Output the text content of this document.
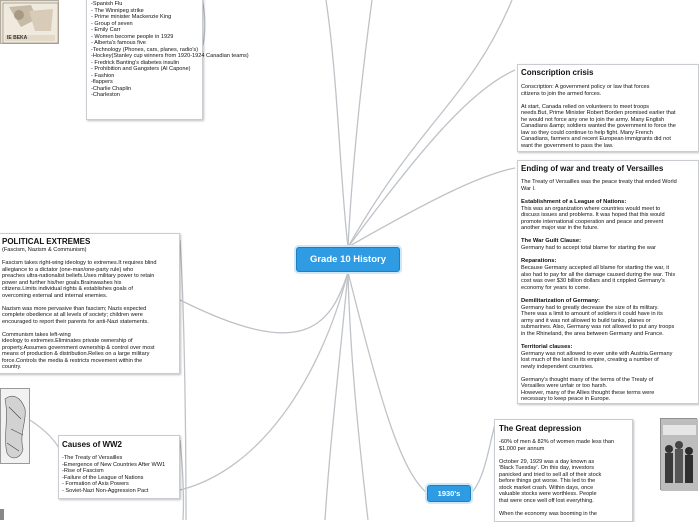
IE BEKA
-Spanish Flu
- The Winnipeg strike
- Prime minister Mackenzie King
- Group of seven
- Emily Carr
- Women become people in 1929
- Alberta's famous five
-Technology (Phones, cars, planes, radio's)
-Hockey(Stanley cup winners from 1920-1924 Canadian teams)
- Fredrick Banting's diabetes insulin
- Prohibition and Gangsters (Al Capone)
- Fashion
-flappers
-Charlie Chaplin
-Charleston
POLITICAL EXTREMES
(Fascism, Nazism & Communism)
Fascism takes right-wing ideology to extremes.It requires blind
allegiance to a dictator (one-man/one-party rule) who
preaches ultra-nationalist beliefs.Uses military power to retain
power and further his/her goals.Brainwashes his
citizens.Limits individual rights & establishes goals of
overcoming external and internal enemies.
Nazism was more pervasive than fascism; Nazis expected
complete obedience at all levels of society; children were
encouraged to report their parents for anti-Nazi statements.
Communism takes left-wing
ideology to extremes.Eliminates private ownership of
property.Assumes government ownership & control over most
means of production & distribution.Relies on a large military
force.Controls the media & restricts movement within the
country.
Causes of WW2
-The Treaty of Versailles
-Emergence of New Countries After WW1
-Rise of Fascism
-Failure of the League of Nations
- Formation of Axis Powers
- Soviet-Nazi Non-Aggression Pact
Grade 10 History
Conscription crisis
Conscription: A government policy or law that forces
citizens to join the armed forces.
At start, Canada relied on volunteers to meet troops
needs.But, Prime Minister Robert Borden promised earlier that
he would not force any one to join the army. Many English
Canadians &amp; soldiers wanted the government to force the
law so they could continue to help fight. Many French
Canadians, farmers and recent European immigrants did not
want the government to pass the law.
Ending of war and treaty of Versailles
The Treaty of Versailles was the peace treaty that ended World
War I.
Establishment of a League of Nations:
This was an organization where countries would meet to
discuss issues and problems. It was hoped that this would
promote international cooperation and peace and prevent
another major war in the future.
The War Guilt Clause:
Germany had to accept total blame for starting the war
Reparations:
Because Germany accepted all blame for starting the war, it
also had to pay for all the damage caused during the war. This
cost was over $30 billion dollars and it crippled Germany's
economy for years to come.
Demilitarization of Germany:
Germany had to greatly decrease the size of its military.
There was a limit to amount of soldiers it could have in its
army and it was not allowed to build tanks, planes or
submarines. Also, Germany was not allowed to put any troops
in the Rhineland, the area between Germany and France.
Territorial clauses:
Germany was not allowed to ever unite with Austria.Germany
lost much of the land in its empire, creating a number of
newly independent countries.
Germany's thought many of the terms of the Treaty of
Versailles were unfair or too harsh.
However, many of the Allies thought these terms were
necessary to keep peace in Europe.
1930's
The Great depression
-60% of men & 82% of women made less than
$1,000 per annum
October 29, 1929 was a day known as
'Black Tuesday'. On this day, investors
panicked and tried to sell all of their stock
before things got worse. This led to the
stock market crash. Within days, once
valuable stocks were worthless. People
that were once well off lost everything.
When the economy was booming in the
